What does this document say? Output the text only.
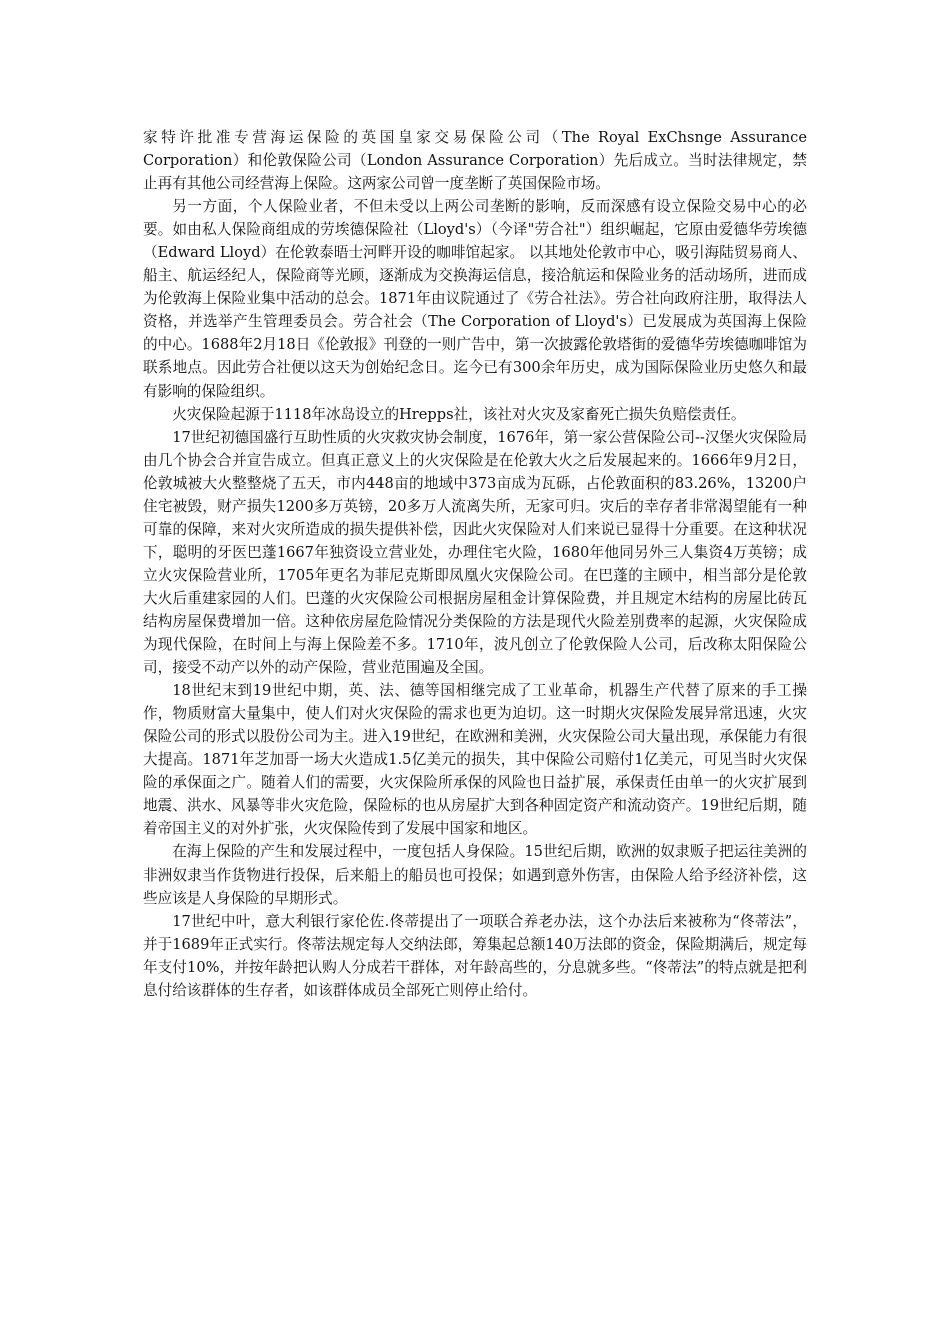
家特许批准专营海运保险的英国皇家交易保险公司（The Royal ExChsnge Assurance Corporation）和伦敦保险公司（London Assurance Corporation）先后成立。当时法律规定，禁止再有其他公司经营海上保险。这两家公司曾一度垄断了英国保险市场。

另一方面，个人保险业者，不但未受以上两公司垄断的影响，反而深感有设立保险交易中心的必要。如由私人保险商组成的劳埃德保险社（Lloyd's）（今译"劳合社"）组织崛起，它原由爱德华劳埃德（Edward Lloyd）在伦敦泰晤士河畔开设的咖啡馆起家。 以其地处伦敦市中心，吸引海陆贸易商人、船主、航运经纪人，保险商等光顾，逐渐成为交换海运信息，接洽航运和保险业务的活动场所，进而成为伦敦海上保险业集中活动的总会。1871年由议院通过了《劳合社法》。劳合社向政府注册，取得法人资格，并选举产生管理委员会。劳合社会（The Corporation of Lloyd's）已发展成为英国海上保险的中心。1688年2月18日《伦敦报》刊登的一则广告中，第一次披露伦敦塔街的爱德华劳埃德咖啡馆为联系地点。因此劳合社便以这天为创始纪念日。迄今已有300余年历史，成为国际保险业历史悠久和最有影响的保险组织。

火灾保险起源于1118年冰岛设立的Hrepps社，该社对火灾及家畜死亡损失负赔偿责任。

17世纪初德国盛行互助性质的火灾救灾协会制度，1676年，第一家公营保险公司--汉堡火灾保险局由几个协会合并宣告成立。但真正意义上的火灾保险是在伦敦大火之后发展起来的。1666年9月2日，伦敦城被大火整整烧了五天，市内448亩的地域中373亩成为瓦砾，占伦敦面积的83.26%，13200户住宅被毁，财产损失1200多万英镑，20多万人流离失所，无家可归。灾后的幸存者非常渴望能有一种可靠的保障，来对火灾所造成的损失提供补偿，因此火灾保险对人们来说已显得十分重要。在这种状况下，聪明的牙医巴蓬1667年独资设立营业处，办理住宅火险，1680年他同另外三人集资4万英镑；成立火灾保险营业所，1705年更名为菲尼克斯即凤凰火灾保险公司。在巴蓬的主顾中，相当部分是伦敦大火后重建家园的人们。巴蓬的火灾保险公司根据房屋租金计算保险费，并且规定木结构的房屋比砖瓦结构房屋保费增加一倍。这种依房屋危险情况分类保险的方法是现代火险差别费率的起源，火灾保险成为现代保险，在时间上与海上保险差不多。1710年，波凡创立了伦敦保险人公司，后改称太阳保险公司，接受不动产以外的动产保险，营业范围遍及全国。

18世纪末到19世纪中期，英、法、德等国相继完成了工业革命，机器生产代替了原来的手工操作，物质财富大量集中，使人们对火灾保险的需求也更为迫切。这一时期火灾保险发展异常迅速，火灾保险公司的形式以股份公司为主。进入19世纪，在欧洲和美洲，火灾保险公司大量出现，承保能力有很大提高。1871年芝加哥一场大火造成1.5亿美元的损失，其中保险公司赔付1亿美元，可见当时火灾保险的承保面之广。随着人们的需要，火灾保险所承保的风险也日益扩展，承保责任由单一的火灾扩展到地震、洪水、风暴等非火灾危险，保险标的也从房屋扩大到各种固定资产和流动资产。19世纪后期，随着帝国主义的对外扩张，火灾保险传到了发展中国家和地区。

在海上保险的产生和发展过程中，一度包括人身保险。15世纪后期，欧洲的奴隶贩子把运往美洲的非洲奴隶当作货物进行投保，后来船上的船员也可投保；如遇到意外伤害，由保险人给予经济补偿，这些应该是人身保险的早期形式。

17世纪中叶，意大利银行家伦佐.佟蒂提出了一项联合养老办法，这个办法后来被称为“佟蒂法”，并于1689年正式实行。佟蒂法规定每人交纳法郎，筹集起总额140万法郎的资金，保险期满后，规定每年支付10%，并按年龄把认购人分成若干群体，对年龄高些的，分息就多些。“佟蒂法”的特点就是把利息付给该群体的生存者，如该群体成员全部死亡则停止给付。
